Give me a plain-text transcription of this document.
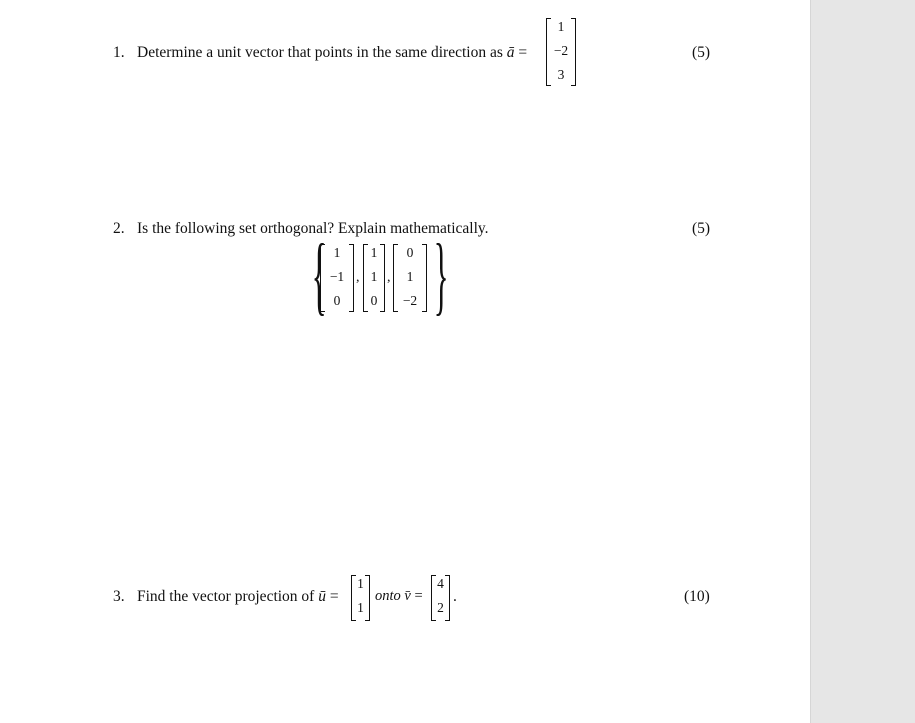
1. Determine a unit vector that points in the same direction as ā =
1
−2
3
(5)
2. Is the following set orthogonal? Explain mathematically.	(5)
{ 1
−1
0
,
1
1
0
,
0
1
−2 }
3. Find the vector projection of ū =
1
1
onto v̄ =
4
2
.	(10)
